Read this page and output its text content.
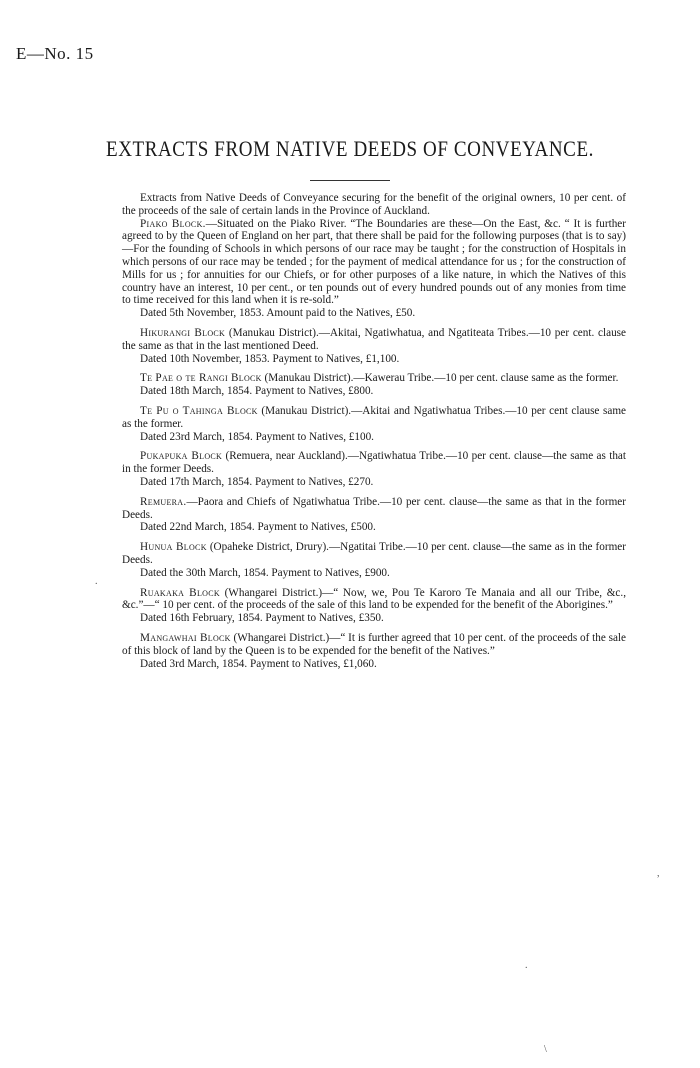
E—No. 15
EXTRACTS FROM NATIVE DEEDS OF CONVEYANCE.

Extracts from Native Deeds of Conveyance securing for the benefit of the original owners, 10 per cent. of the proceeds of the sale of certain lands in the Province of Auckland.

Piako Block.—Situated on the Piako River. “The Boundaries are these—On the East, &c. “ It is further agreed to by the Queen of England on her part, that there shall be paid for the following purposes (that is to say)—For the founding of Schools in which persons of our race may be taught ; for the construction of Hospitals in which persons of our race may be tended ; for the payment of medical attendance for us ; for the construction of Mills for us ; for annuities for our Chiefs, or for other purposes of a like nature, in which the Natives of this country have an interest, 10 per cent., or ten pounds out of every hundred pounds out of any monies from time to time received for this land when it is re-sold.”

Dated 5th November, 1853. Amount paid to the Natives, £50.

Hikurangi Block (Manukau District).—Akitai, Ngatiwhatua, and Ngatiteata Tribes.—10 per cent. clause the same as that in the last mentioned Deed.

Dated 10th November, 1853. Payment to Natives, £1,100.

Te Pae o te Rangi Block (Manukau District).—Kawerau Tribe.—10 per cent. clause same as the former.

Dated 18th March, 1854. Payment to Natives, £800.

Te Pu o Tahinga Block (Manukau District).—Akitai and Ngatiwhatua Tribes.—10 per cent clause same as the former.

Dated 23rd March, 1854. Payment to Natives, £100.

Pukapuka Block (Remuera, near Auckland).—Ngatiwhatua Tribe.—10 per cent. clause—the same as that in the former Deeds.

Dated 17th March, 1854. Payment to Natives, £270.

Remuera.—Paora and Chiefs of Ngatiwhatua Tribe.—10 per cent. clause—the same as that in the former Deeds.

Dated 22nd March, 1854. Payment to Natives, £500.

Hunua Block (Opaheke District, Drury).—Ngatitai Tribe.—10 per cent. clause—the same as in the former Deeds.

Dated the 30th March, 1854. Payment to Natives, £900.

Ruakaka Block (Whangarei District.)—“ Now, we, Pou Te Karoro Te Manaia and all our Tribe, &c., &c.”—“ 10 per cent. of the proceeds of the sale of this land to be expended for the benefit of the Aborigines.”

Dated 16th February, 1854. Payment to Natives, £350.

Mangawhai Block (Whangarei District.)—“ It is further agreed that 10 per cent. of the proceeds of the sale of this block of land by the Queen is to be expended for the benefit of the Natives.”

Dated 3rd March, 1854. Payment to Natives, £1,060.

.
,
.
\
